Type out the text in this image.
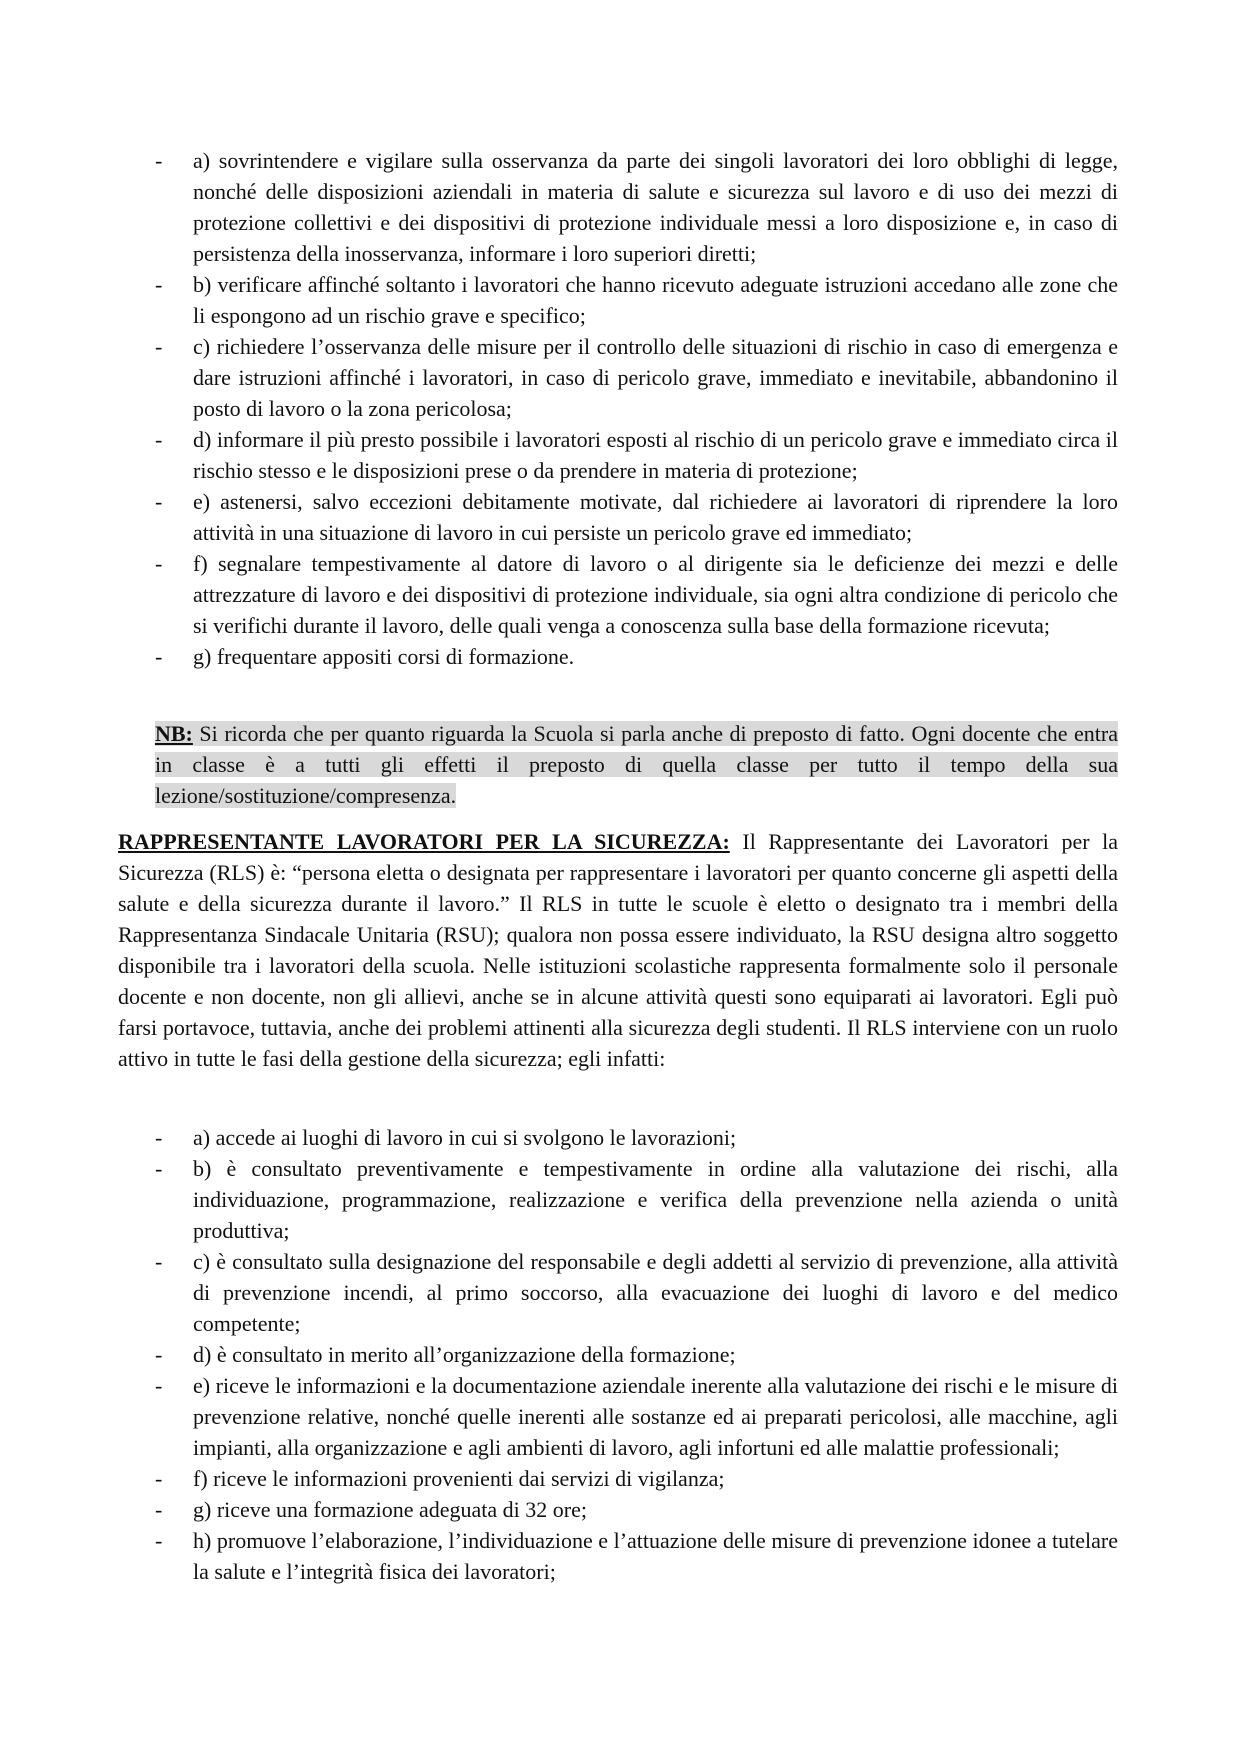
- a) sovrintendere e vigilare sulla osservanza da parte dei singoli lavoratori dei loro obblighi di legge, nonché delle disposizioni aziendali in materia di salute e sicurezza sul lavoro e di uso dei mezzi di protezione collettivi e dei dispositivi di protezione individuale messi a loro disposizione e, in caso di persistenza della inosservanza, informare i loro superiori diretti;
- b) verificare affinché soltanto i lavoratori che hanno ricevuto adeguate istruzioni accedano alle zone che li espongono ad un rischio grave e specifico;
- c) richiedere l’osservanza delle misure per il controllo delle situazioni di rischio in caso di emergenza e dare istruzioni affinché i lavoratori, in caso di pericolo grave, immediato e inevitabile, abbandonino il posto di lavoro o la zona pericolosa;
- d) informare il più presto possibile i lavoratori esposti al rischio di un pericolo grave e immediato circa il rischio stesso e le disposizioni prese o da prendere in materia di protezione;
- e) astenersi, salvo eccezioni debitamente motivate, dal richiedere ai lavoratori di riprendere la loro attività in una situazione di lavoro in cui persiste un pericolo grave ed immediato;
- f) segnalare tempestivamente al datore di lavoro o al dirigente sia le deficienze dei mezzi e delle attrezzature di lavoro e dei dispositivi di protezione individuale, sia ogni altra condizione di pericolo che si verifichi durante il lavoro, delle quali venga a conoscenza sulla base della formazione ricevuta;
- g) frequentare appositi corsi di formazione.
NB: Si ricorda che per quanto riguarda la Scuola si parla anche di preposto di fatto. Ogni docente che entra in classe è a tutti gli effetti il preposto di quella classe per tutto il tempo della sua lezione/sostituzione/compresenza.
RAPPRESENTANTE LAVORATORI PER LA SICUREZZA: Il Rappresentante dei Lavoratori per la Sicurezza (RLS) è: “persona eletta o designata per rappresentare i lavoratori per quanto concerne gli aspetti della salute e della sicurezza durante il lavoro.” Il RLS in tutte le scuole è eletto o designato tra i membri della Rappresentanza Sindacale Unitaria (RSU); qualora non possa essere individuato, la RSU designa altro soggetto disponibile tra i lavoratori della scuola. Nelle istituzioni scolastiche rappresenta formalmente solo il personale docente e non docente, non gli allievi, anche se in alcune attività questi sono equiparati ai lavoratori. Egli può farsi portavoce, tuttavia, anche dei problemi attinenti alla sicurezza degli studenti. Il RLS interviene con un ruolo attivo in tutte le fasi della gestione della sicurezza; egli infatti:
- a) accede ai luoghi di lavoro in cui si svolgono le lavorazioni;
- b) è consultato preventivamente e tempestivamente in ordine alla valutazione dei rischi, alla individuazione, programmazione, realizzazione e verifica della prevenzione nella azienda o unità produttiva;
- c) è consultato sulla designazione del responsabile e degli addetti al servizio di prevenzione, alla attività di prevenzione incendi, al primo soccorso, alla evacuazione dei luoghi di lavoro e del medico competente;
- d) è consultato in merito all’organizzazione della formazione;
- e) riceve le informazioni e la documentazione aziendale inerente alla valutazione dei rischi e le misure di prevenzione relative, nonché quelle inerenti alle sostanze ed ai preparati pericolosi, alle macchine, agli impianti, alla organizzazione e agli ambienti di lavoro, agli infortuni ed alle malattie professionali;
- f) riceve le informazioni provenienti dai servizi di vigilanza;
- g) riceve una formazione adeguata di 32 ore;
- h) promuove l’elaborazione, l’individuazione e l’attuazione delle misure di prevenzione idonee a tutelare la salute e l’integrità fisica dei lavoratori;
